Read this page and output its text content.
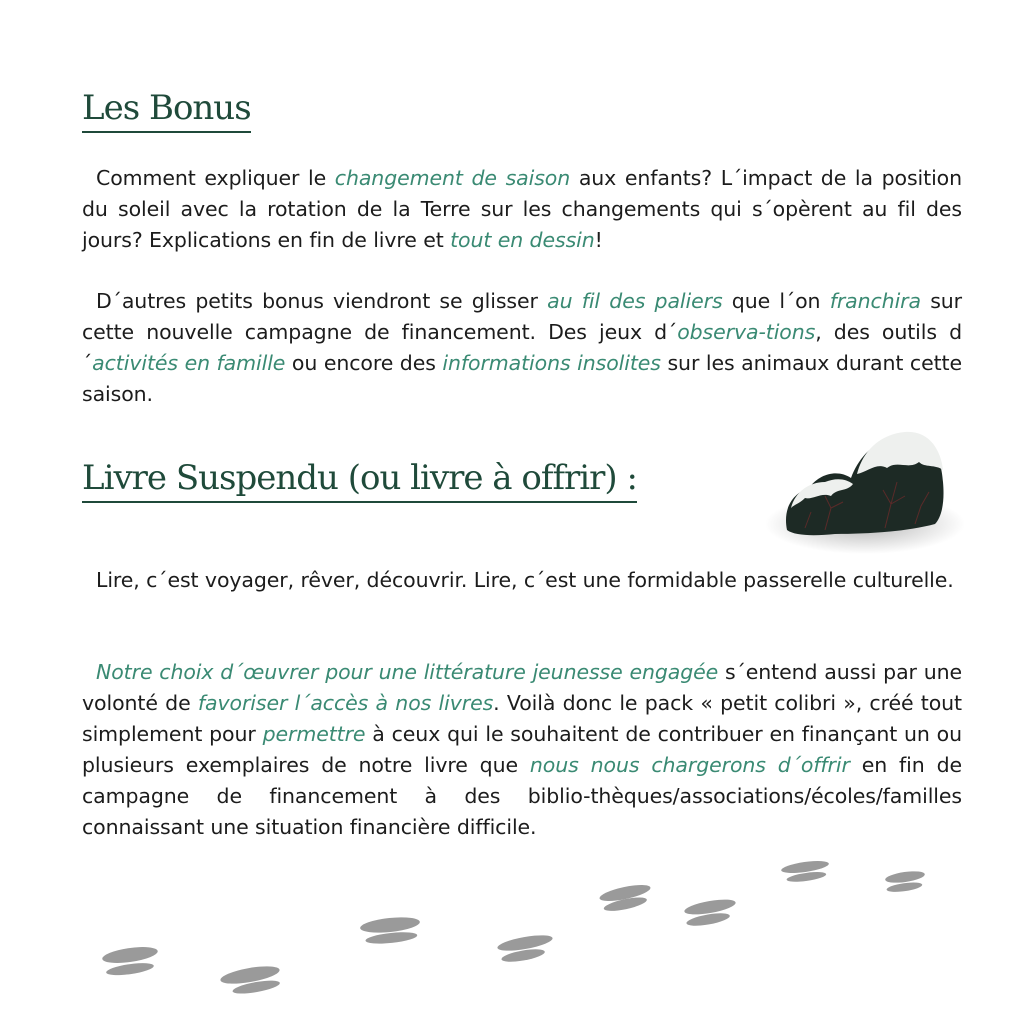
Les Bonus

Comment expliquer le changement de saison aux enfants? L´impact de la position du soleil avec la rotation de la Terre sur les changements qui s´opèrent au fil des jours? Explications en fin de livre et tout en dessin!

D´autres petits bonus viendront se glisser au fil des paliers que l´on franchira sur cette nouvelle campagne de financement. Des jeux d´observa-tions, des outils d´activités en famille ou encore des informations insolites sur les animaux durant cette saison.

Livre Suspendu (ou livre à offrir) :

Lire, c´est voyager, rêver, découvrir. Lire, c´est une formidable passerelle culturelle.

Notre choix d´œuvrer pour une littérature jeunesse engagée s´entend aussi par une volonté de favoriser l´accès à nos livres. Voilà donc le pack « petit colibri », créé tout simplement pour permettre à ceux qui le souhaitent de contribuer en finançant un ou plusieurs exemplaires de notre livre que nous nous chargerons d´offrir en fin de campagne de financement à des biblio-thèques/associations/écoles/familles connaissant une situation financière difficile.
